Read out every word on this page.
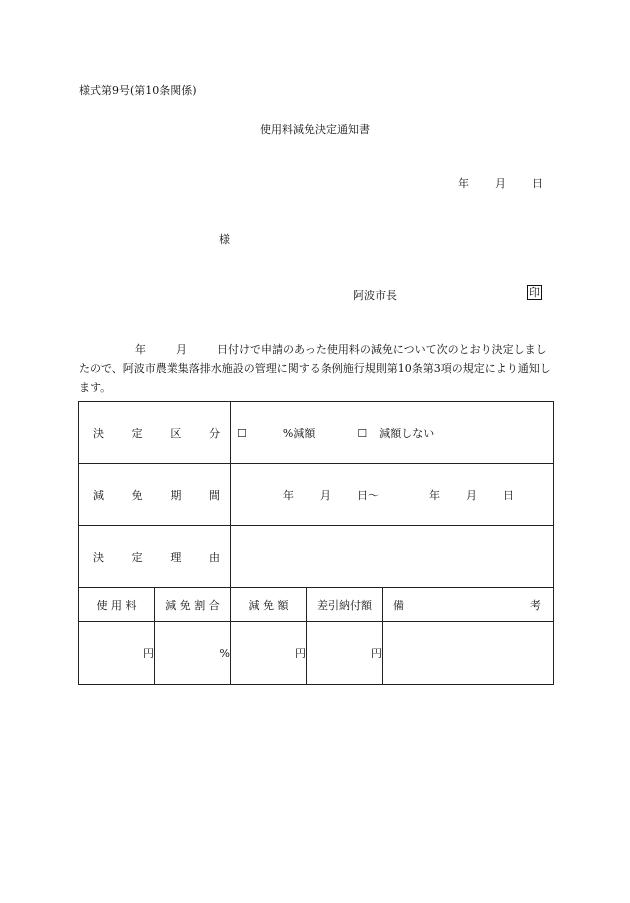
様式第9号(第10条関係)
使用料減免決定通知書
年 月 日
様
阿波市長	印
年	月	日付けで申請のあった使用料の減免について次のとおり決定しましたので、阿波市農業集落排水施設の管理に関する条例施行規則第10条第3項の規定により通知します。
決 定 区 分		☐ %減額 ☐ 減額しない		

減 免 期 間		年 月 日〜 年 月 日		

決 定 理 由				

使 用 料	減 免 割 合	減 免 額	差引納付額	備 考

円	%	円	円	
